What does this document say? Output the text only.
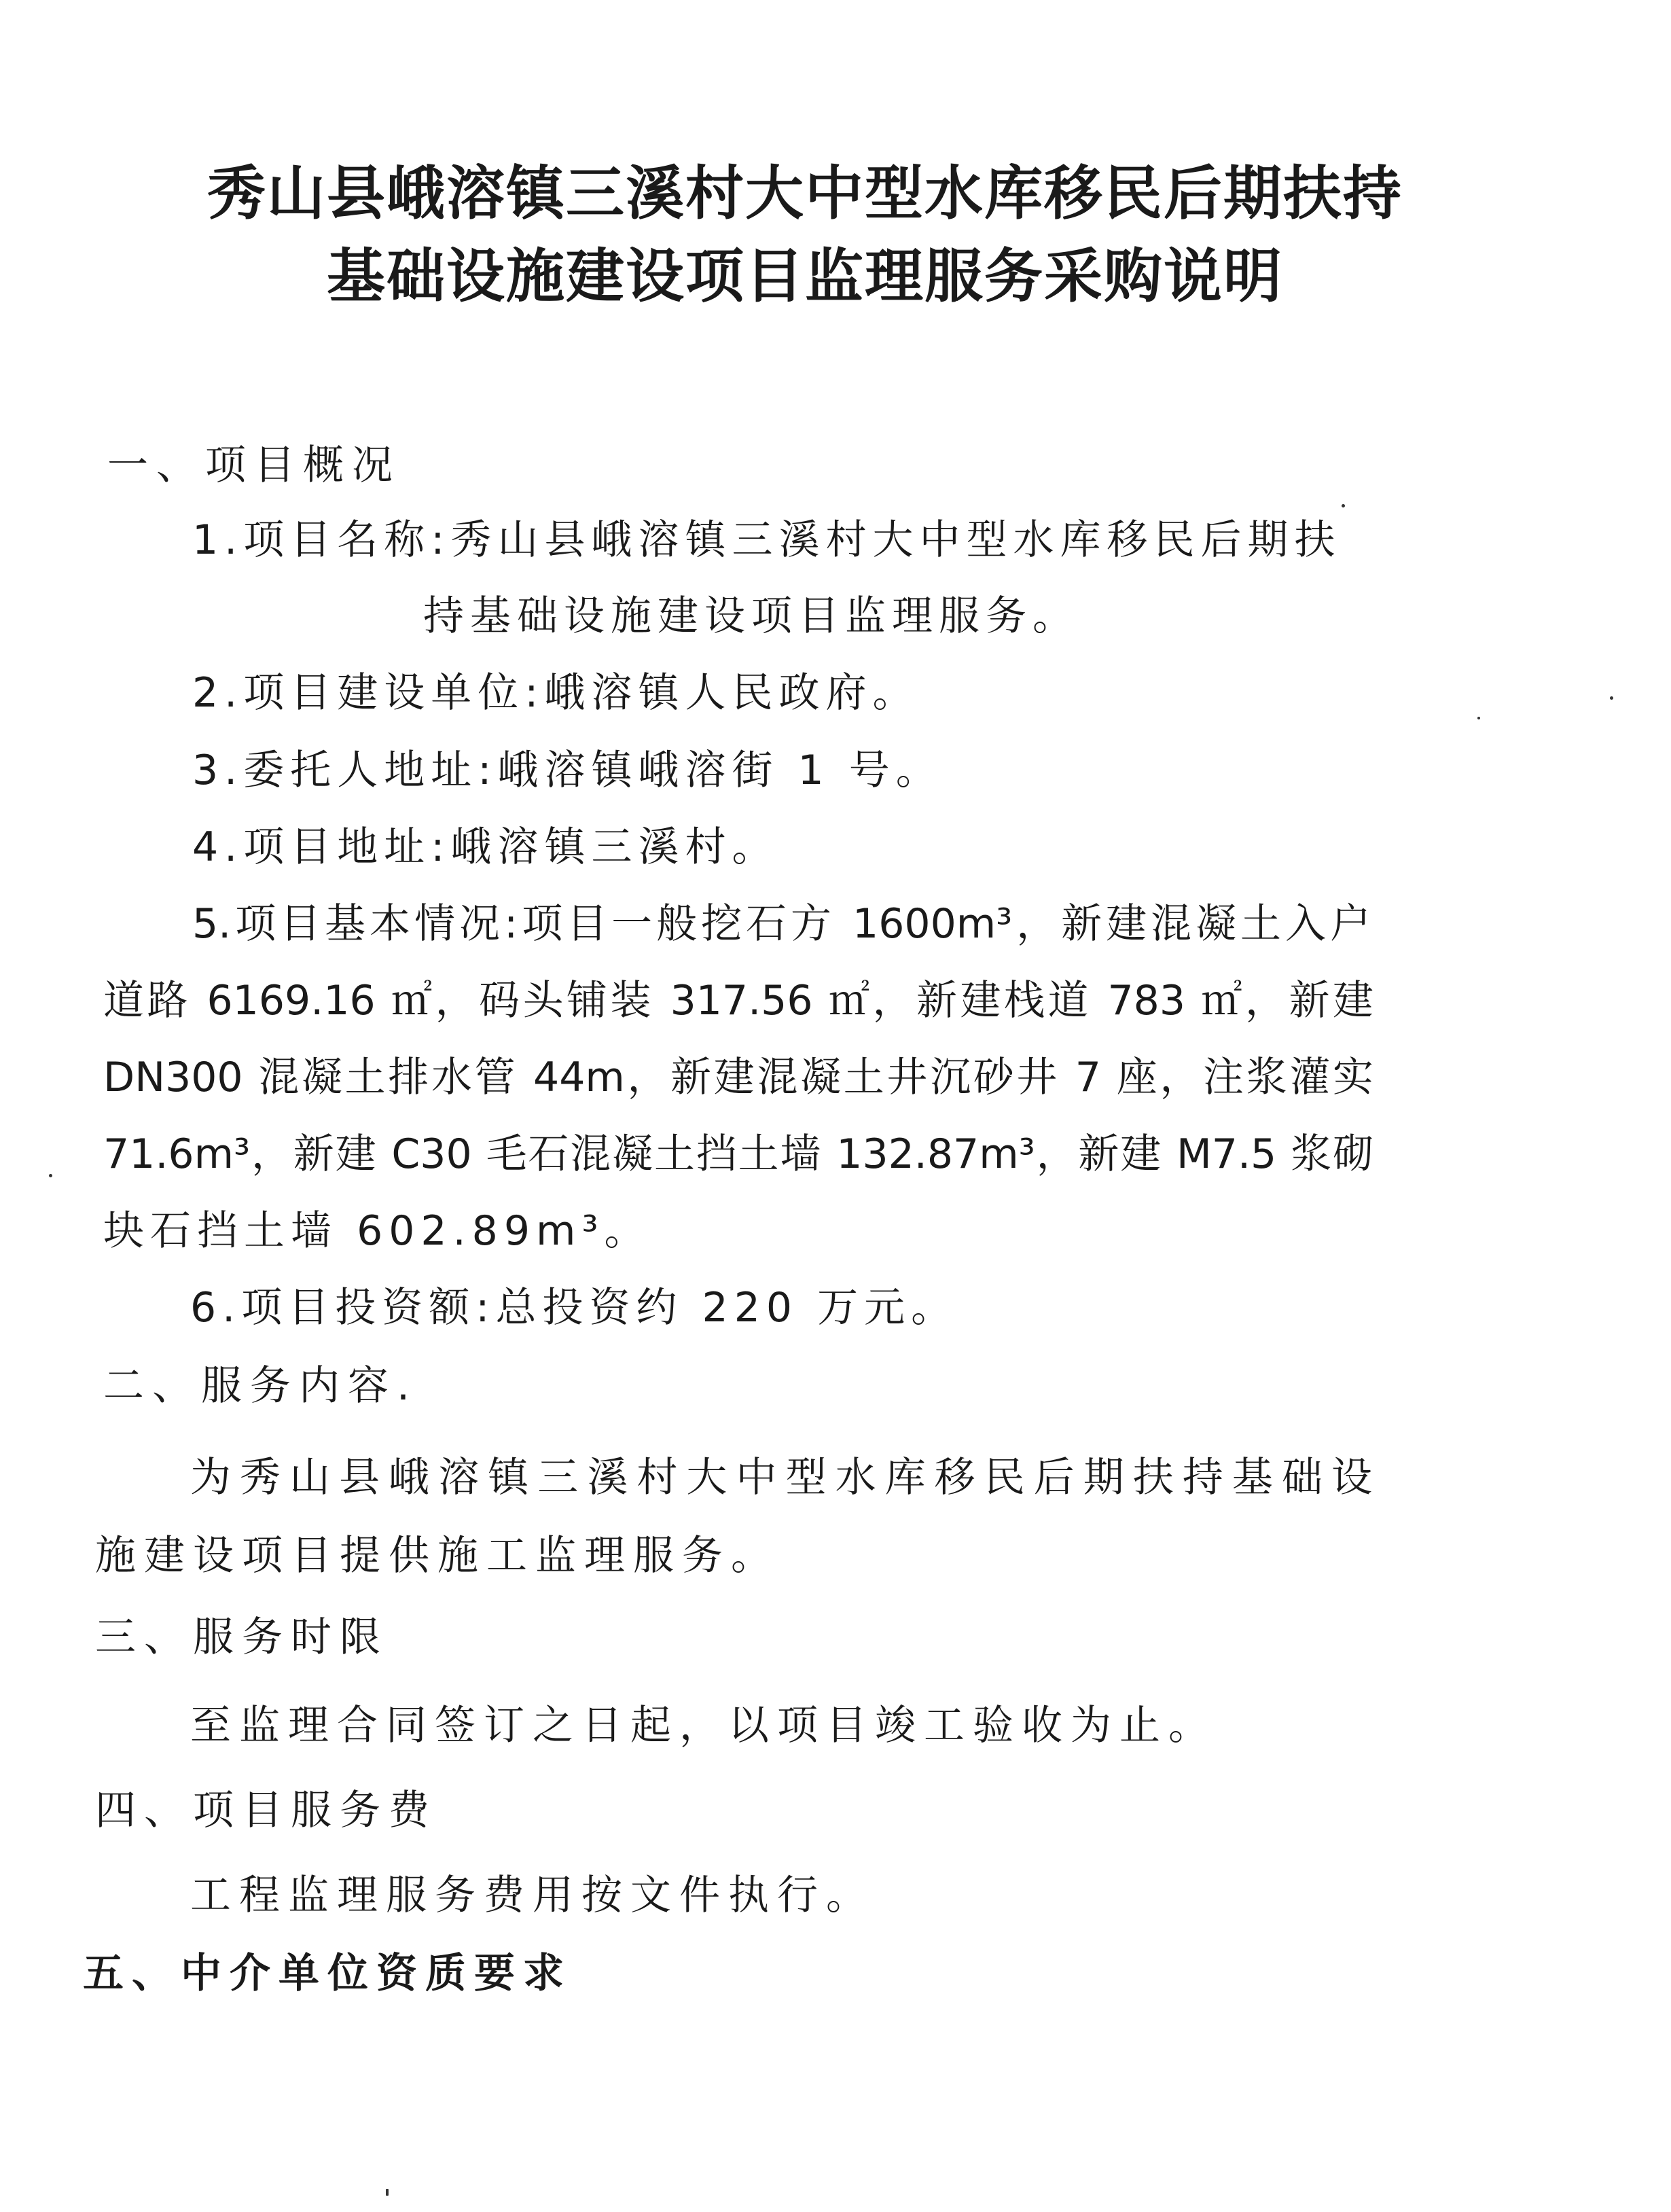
秀山县峨溶镇三溪村大中型水库移民后期扶持
基础设施建设项目监理服务采购说明
一、项目概况
1.项目名称:秀山县峨溶镇三溪村大中型水库移民后期扶
持基础设施建设项目监理服务。
2.项目建设单位:峨溶镇人民政府。
3.委托人地址:峨溶镇峨溶街 1 号。
4.项目地址:峨溶镇三溪村。
5.项目基本情况:项目一般挖石方 1600m³，新建混凝土入户
道路 6169.16 ㎡，码头铺装 317.56 ㎡，新建栈道 783 ㎡，新建
DN300 混凝土排水管 44m，新建混凝土井沉砂井 7 座，注浆灌实
71.6m³，新建 C30 毛石混凝土挡土墙 132.87m³，新建 M7.5 浆砌
块石挡土墙 602.89m³。
6.项目投资额:总投资约 220 万元。
二、服务内容.
为秀山县峨溶镇三溪村大中型水库移民后期扶持基础设
施建设项目提供施工监理服务。
三、服务时限
至监理合同签订之日起，以项目竣工验收为止。
四、项目服务费
工程监理服务费用按文件执行。
五、中介单位资质要求
